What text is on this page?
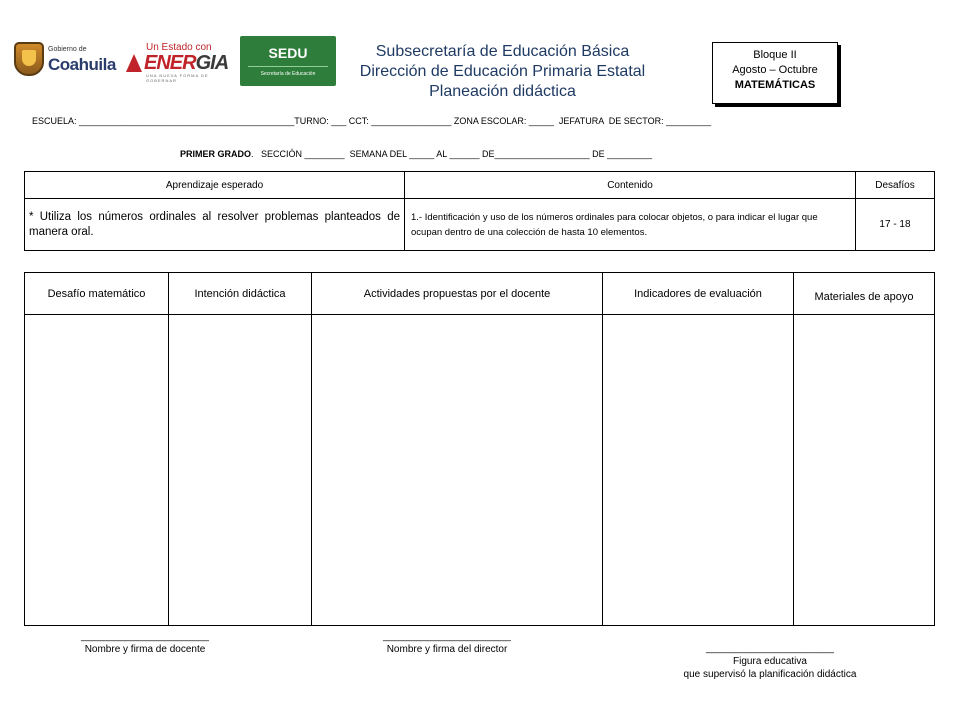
Gobierno de
Coahuila
Un Estado con
ENERGIA
UNA NUEVA FORMA DE GOBERNAR
SEDU
Secretaría de Educación
Subsecretaría de Educación Básica
Dirección de Educación Primaria Estatal
Planeación didáctica
Bloque II
Agosto – Octubre
MATEMÁTICAS
ESCUELA: ___________________________________________TURNO: ___ CCT: ________________ ZONA ESCOLAR: _____  JEFATURA  DE SECTOR: _________
PRIMER GRADO.   SECCIÓN ________  SEMANA DEL _____ AL ______ DE___________________ DE _________
Aprendizaje esperado	Contenido	Desafíos
* Utiliza los números ordinales al resolver problemas planteados de manera oral.	1.- Identificación y uso de los números ordinales para colocar objetos, o para indicar el lugar que ocupan dentro de una colección de hasta 10 elementos.	17 - 18
Desafío matemático	Intención didáctica	Actividades propuestas por el docente	Indicadores de evaluación	Materiales de apoyo

_______________________
Nombre y firma de docente
_______________________
Nombre y firma del director	_______________________
Figura educativa
que supervisó la planificación didáctica
